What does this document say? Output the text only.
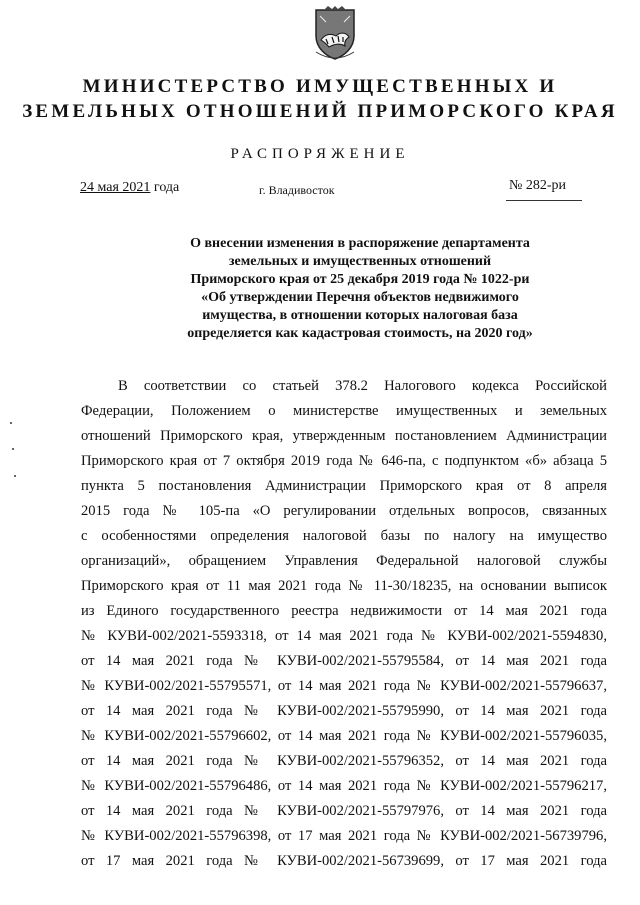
МИНИСТЕРСТВО ИМУЩЕСТВЕННЫХ И
ЗЕМЕЛЬНЫХ ОТНОШЕНИЙ ПРИМОРСКОГО КРАЯ
РАСПОРЯЖЕНИЕ
24 мая 2021 года	г. Владивосток	№ 282-ри
О внесении изменения в распоряжение департамента
земельных и имущественных отношений
Приморского края от 25 декабря 2019 года № 1022-ри
«Об утверждении Перечня объектов недвижимого
имущества, в отношении которых налоговая база
определяется как кадастровая стоимость, на 2020 год»
В соответствии со статьей 378.2 Налогового кодекса Российской
Федерации, Положением о министерстве имущественных и земельных
отношений Приморского края, утвержденным постановлением Администрации
Приморского края от 7 октября 2019 года № 646-па, с подпунктом «б» абзаца 5
пункта 5 постановления Администрации Приморского края от 8 апреля
2015 года № 105-па «О регулировании отдельных вопросов, связанных
с особенностями определения налоговой базы по налогу на имущество
организаций», обращением Управления Федеральной налоговой службы
Приморского края от 11 мая 2021 года № 11-30/18235, на основании выписок
из Единого государственного реестра недвижимости от 14 мая 2021 года
№ КУВИ-002/2021-5593318, от 14 мая 2021 года № КУВИ-002/2021-5594830,
от 14 мая 2021 года № КУВИ-002/2021-55795584, от 14 мая 2021 года
№ КУВИ-002/2021-55795571, от 14 мая 2021 года № КУВИ-002/2021-55796637,
от 14 мая 2021 года № КУВИ-002/2021-55795990, от 14 мая 2021 года
№ КУВИ-002/2021-55796602, от 14 мая 2021 года № КУВИ-002/2021-55796035,
от 14 мая 2021 года № КУВИ-002/2021-55796352, от 14 мая 2021 года
№ КУВИ-002/2021-55796486, от 14 мая 2021 года № КУВИ-002/2021-55796217,
от 14 мая 2021 года № КУВИ-002/2021-55797976, от 14 мая 2021 года
№ КУВИ-002/2021-55796398, от 17 мая 2021 года № КУВИ-002/2021-56739796,
от 17 мая 2021 года № КУВИ-002/2021-56739699, от 17 мая 2021 года
